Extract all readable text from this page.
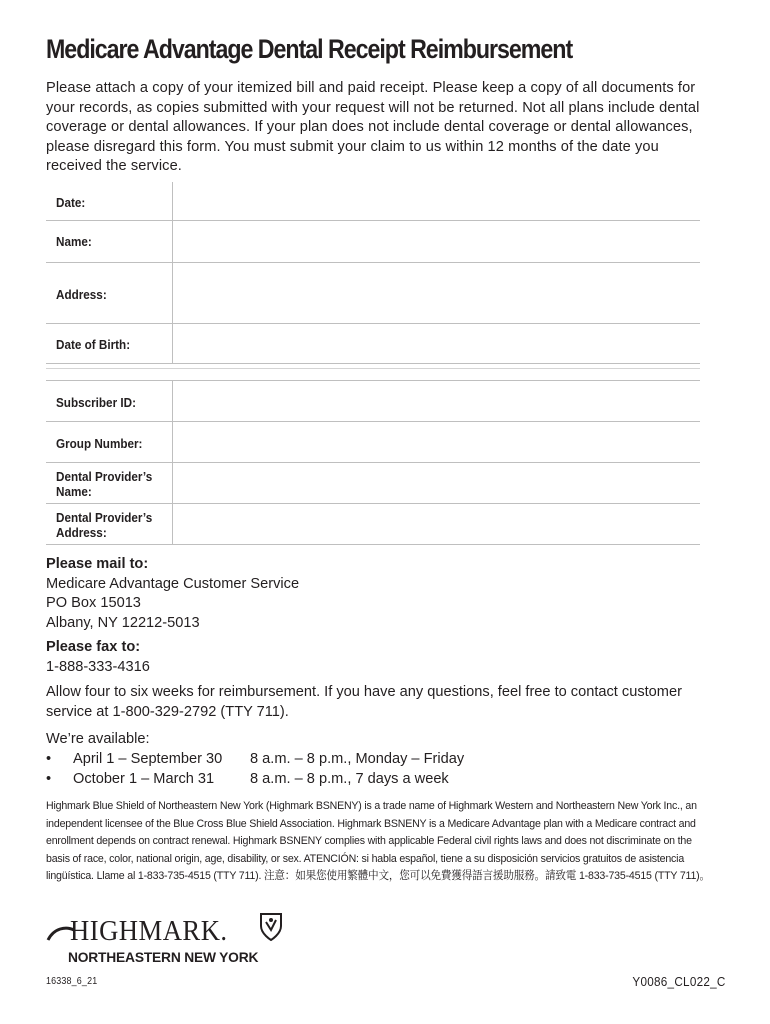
Medicare Advantage Dental Receipt Reimbursement
Please attach a copy of your itemized bill and paid receipt. Please keep a copy of all documents for your records, as copies submitted with your request will not be returned. Not all plans include dental coverage or dental allowances. If your plan does not include dental coverage or dental allowances, please disregard this form. You must submit your claim to us within 12 months of the date you received the service.
Date:
Name:
Address:
Date of Birth:
Subscriber ID:
Group Number:
Dental Provider’s
Name:
Dental Provider’s
Address:
Please mail to:
Medicare Advantage Customer Service
PO Box 15013
Albany, NY 12212-5013
Please fax to:
1-888-333-4316
Allow four to six weeks for reimbursement. If you have any questions, feel free to contact customer service at 1-800-329-2792 (TTY 711).
We’re available:
• April 1 – September 30 8 a.m. – 8 p.m., Monday – Friday
• October 1 – March 31 8 a.m. – 8 p.m., 7 days a week
Highmark Blue Shield of Northeastern New York (Highmark BSNENY) is a trade name of Highmark Western and Northeastern New York Inc., an independent licensee of the Blue Cross Blue Shield Association. Highmark BSNENY is a Medicare Advantage plan with a Medicare contract and enrollment depends on contract renewal. Highmark BSNENY complies with applicable Federal civil rights laws and does not discriminate on the basis of race, color, national origin, age, disability, or sex. ATENCIÓN: si habla español, tiene a su disposición servicios gratuitos de asistencia lingüística. Llame al 1-833-735-4515 (TTY 711). 注意：如果您使用繁體中文，您可以免費獲得語言援助服務。請致電 1-833-735-4515 (TTY 711)。
HIGHMARK.
NORTHEASTERN NEW YORK
16338_6_21	Y0086_CL022_C
